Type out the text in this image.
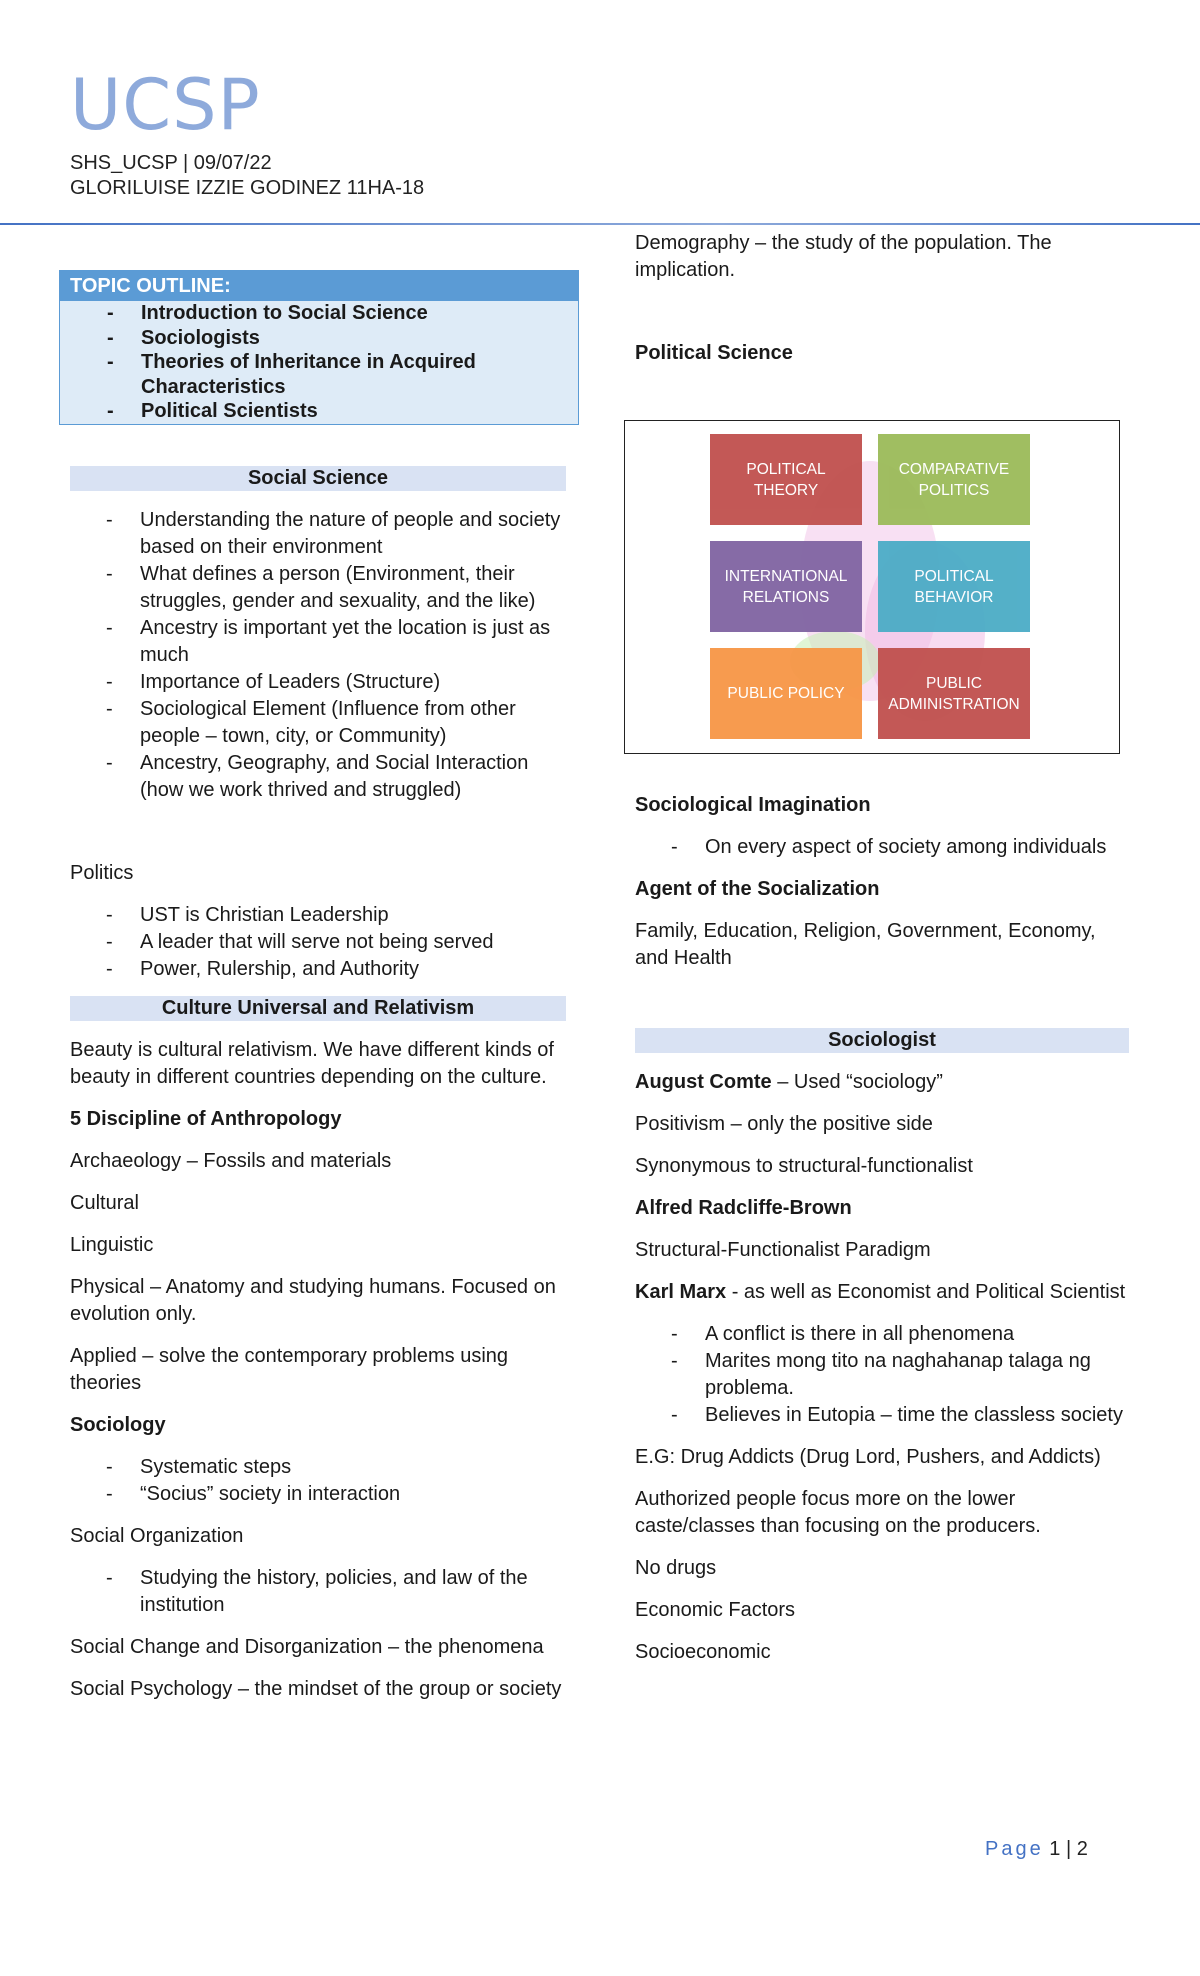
UCSP
SHS_UCSP | 09/07/22
GLORILUISE IZZIE GODINEZ 11HA-18
TOPIC OUTLINE:
- Introduction to Social Science
- Sociologists
- Theories of Inheritance in Acquired Characteristics
- Political Scientists
Social Science
- Understanding the nature of people and society based on their environment
- What defines a person (Environment, their struggles, gender and sexuality, and the like)
- Ancestry is important yet the location is just as much
- Importance of Leaders (Structure)
- Sociological Element (Influence from other people – town, city, or Community)
- Ancestry, Geography, and Social Interaction (how we work thrived and struggled)

Politics

- UST is Christian Leadership
- A leader that will serve not being served
- Power, Rulership, and Authority
Culture Universal and Relativism

Beauty is cultural relativism. We have different kinds of beauty in different countries depending on the culture.

5 Discipline of Anthropology

Archaeology – Fossils and materials

Cultural

Linguistic

Physical – Anatomy and studying humans. Focused on evolution only.

Applied – solve the contemporary problems using theories

Sociology

- Systematic steps
- “Socius” society in interaction

Social Organization

- Studying the history, policies, and law of the institution

Social Change and Disorganization – the phenomena

Social Psychology – the mindset of the group or society

Demography – the study of the population. The implication.

Political Science

POLITICAL THEORY
COMPARATIVE POLITICS
INTERNATIONAL RELATIONS
POLITICAL BEHAVIOR
PUBLIC POLICY
PUBLIC ADMINISTRATION

Sociological Imagination

- On every aspect of society among individuals

Agent of the Socialization

Family, Education, Religion, Government, Economy, and Health

Sociologist

August Comte – Used “sociology”

Positivism – only the positive side

Synonymous to structural-functionalist

Alfred Radcliffe-Brown

Structural-Functionalist Paradigm

Karl Marx - as well as Economist and Political Scientist

- A conflict is there in all phenomena
- Marites mong tito na naghahanap talaga ng problema.
- Believes in Eutopia – time the classless society

E.G: Drug Addicts (Drug Lord, Pushers, and Addicts)

Authorized people focus more on the lower caste/classes than focusing on the producers.

No drugs

Economic Factors

Socioeconomic

Page 1 | 2
